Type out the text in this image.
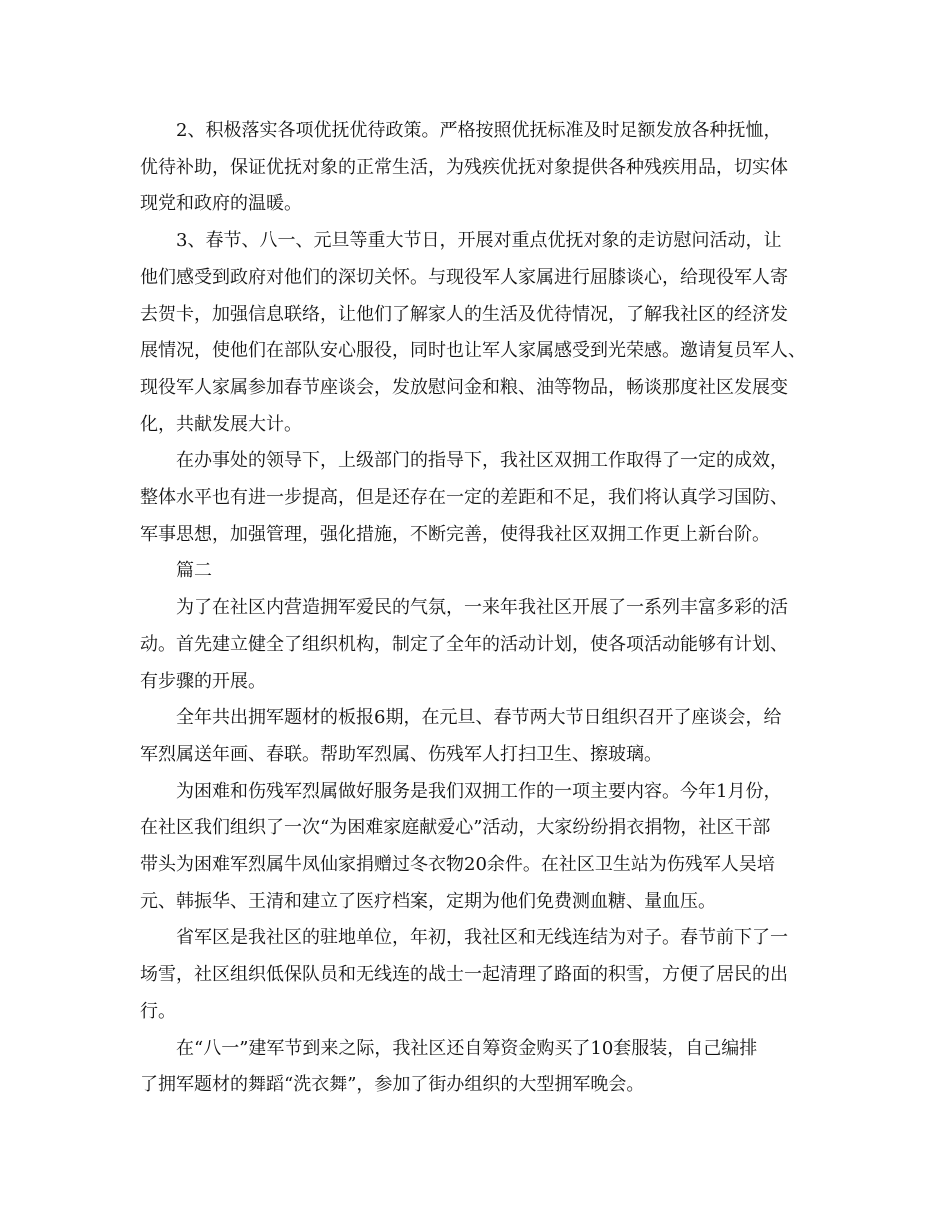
2、积极落实各项优抚优待政策。严格按照优抚标准及时足额发放各种抚恤，
优待补助，保证优抚对象的正常生活，为残疾优抚对象提供各种残疾用品，切实体
现党和政府的温暖。

3、春节、八一、元旦等重大节日，开展对重点优抚对象的走访慰问活动，让
他们感受到政府对他们的深切关怀。与现役军人家属进行屈膝谈心，给现役军人寄
去贺卡，加强信息联络，让他们了解家人的生活及优待情况，了解我社区的经济发
展情况，使他们在部队安心服役，同时也让军人家属感受到光荣感。邀请复员军人、
现役军人家属参加春节座谈会，发放慰问金和粮、油等物品，畅谈那度社区发展变
化，共献发展大计。

在办事处的领导下，上级部门的指导下，我社区双拥工作取得了一定的成效，
整体水平也有进一步提高，但是还存在一定的差距和不足，我们将认真学习国防、
军事思想，加强管理，强化措施，不断完善，使得我社区双拥工作更上新台阶。

篇二

为了在社区内营造拥军爱民的气氛，一来年我社区开展了一系列丰富多彩的活
动。首先建立健全了组织机构，制定了全年的活动计划，使各项活动能够有计划、
有步骤的开展。

全年共出拥军题材的板报6期，在元旦、春节两大节日组织召开了座谈会，给
军烈属送年画、春联。帮助军烈属、伤残军人打扫卫生、擦玻璃。

为困难和伤残军烈属做好服务是我们双拥工作的一项主要内容。今年1月份，
在社区我们组织了一次“为困难家庭献爱心”活动，大家纷纷捐衣捐物，社区干部
带头为困难军烈属牛凤仙家捐赠过冬衣物20余件。在社区卫生站为伤残军人吴培
元、韩振华、王清和建立了医疗档案，定期为他们免费测血糖、量血压。

省军区是我社区的驻地单位，年初，我社区和无线连结为对子。春节前下了一
场雪，社区组织低保队员和无线连的战士一起清理了路面的积雪，方便了居民的出
行。

在“八一”建军节到来之际，我社区还自筹资金购买了10套服装，自己编排
了拥军题材的舞蹈“洗衣舞”，参加了街办组织的大型拥军晚会。
